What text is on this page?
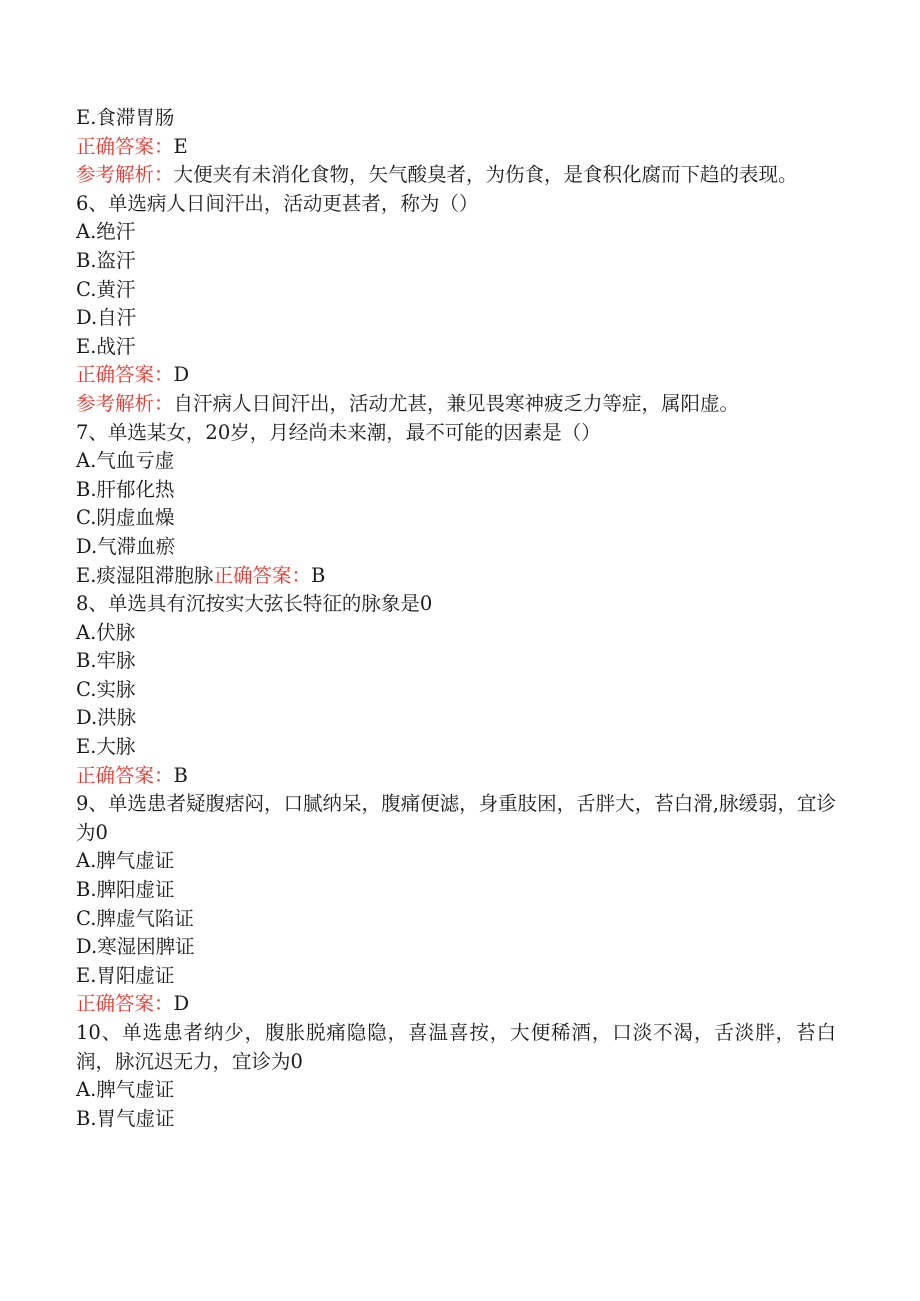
E.食滞胃肠

正确答案：E

参考解析：大便夹有未消化食物，矢气酸臭者，为伤食，是食积化腐而下趋的表现。

6、单选病人日间汗出，活动更甚者，称为（）

A.绝汗

B.盗汗

C.黄汗

D.自汗

E.战汗

正确答案：D

参考解析：自汗病人日间汗出，活动尤甚，兼见畏寒神疲乏力等症，属阳虚。

7、单选某女，20岁，月经尚未来潮，最不可能的因素是（）

A.气血亏虚

B.肝郁化热

C.阴虚血燥

D.气滞血瘀

E.痰湿阻滞胞脉正确答案：B

8、单选具有沉按实大弦长特征的脉象是0

A.伏脉

B.牢脉

C.实脉

D.洪脉

E.大脉

正确答案：B

9、单选患者疑腹痞闷，口腻纳呆，腹痛便滤，身重肢困，舌胖大，苔白滑,脉缓弱，宜诊为0

A.脾气虚证

B.脾阳虚证

C.脾虚气陷证

D.寒湿困脾证

E.胃阳虚证

正确答案：D

10、单选患者纳少，腹胀脱痛隐隐，喜温喜按，大便稀酒，口淡不渴，舌淡胖，苔白润，脉沉迟无力，宜诊为0

A.脾气虚证

B.胃气虚证
